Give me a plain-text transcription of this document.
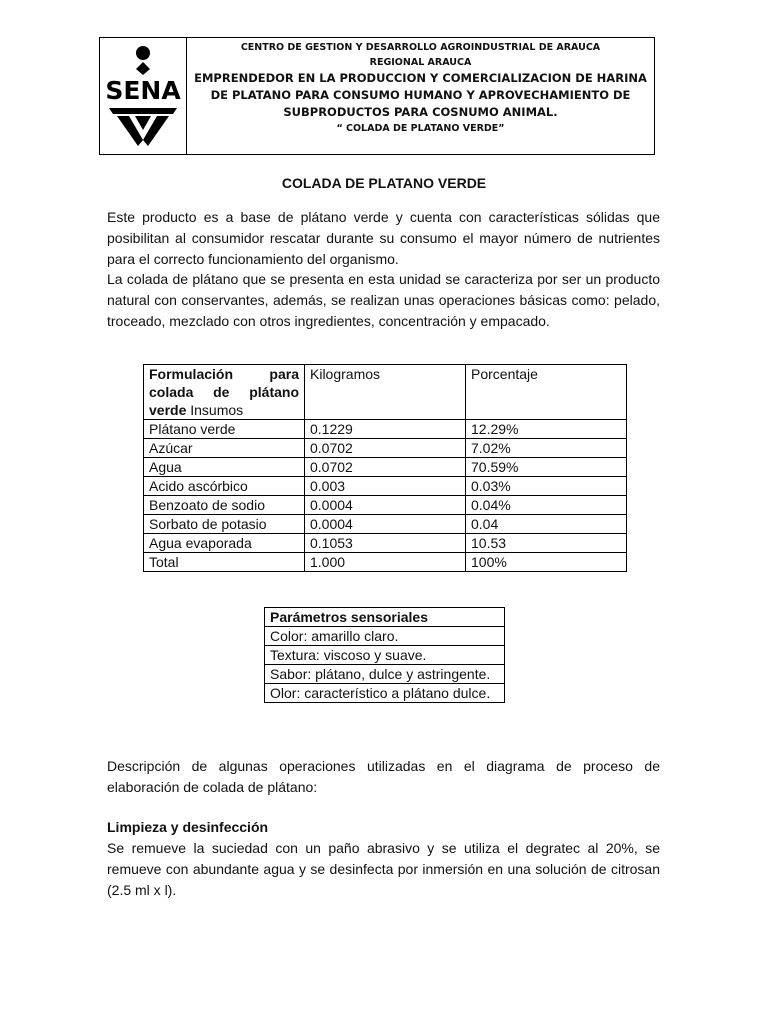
SENA
CENTRO DE GESTION Y DESARROLLO AGROINDUSTRIAL DE ARAUCA
REGIONAL ARAUCA
EMPRENDEDOR EN LA PRODUCCION Y COMERCIALIZACION DE HARINA DE PLATANO PARA CONSUMO HUMANO Y APROVECHAMIENTO DE SUBPRODUCTOS PARA COSNUMO ANIMAL.
“ COLADA DE PLATANO VERDE”
COLADA DE PLATANO VERDE

Este producto es a base de plátano verde y cuenta con características sólidas que posibilitan al consumidor rescatar durante su consumo el mayor número de nutrientes para el correcto funcionamiento del organismo.

La colada de plátano que se presenta en esta unidad se caracteriza por ser un producto natural con conservantes, además, se realizan unas operaciones básicas como: pelado, troceado, mezclado con otros ingredientes, concentración y empacado.

Formulación para colada de plátano verde Insumos	Kilogramos	Porcentaje
Plátano verde	0.1229	12.29%
Azúcar	0.0702	7.02%
Agua	0.0702	70.59%
Acido ascórbico	0.003	0.03%
Benzoato de sodio	0.0004	0.04%
Sorbato de potasio	0.0004	0.04
Agua evaporada	0.1053	10.53
Total	1.000	100%
Parámetros sensoriales
Color: amarillo claro.
Textura: viscoso y suave.
Sabor: plátano, dulce y astringente.
Olor: característico a plátano dulce.

Descripción de algunas operaciones utilizadas en el diagrama de proceso de elaboración de colada de plátano:

Limpieza y desinfección

Se remueve la suciedad con un paño abrasivo y se utiliza el degratec al 20%, se remueve con abundante agua y se desinfecta por inmersión en una solución de citrosan (2.5 ml x l).
